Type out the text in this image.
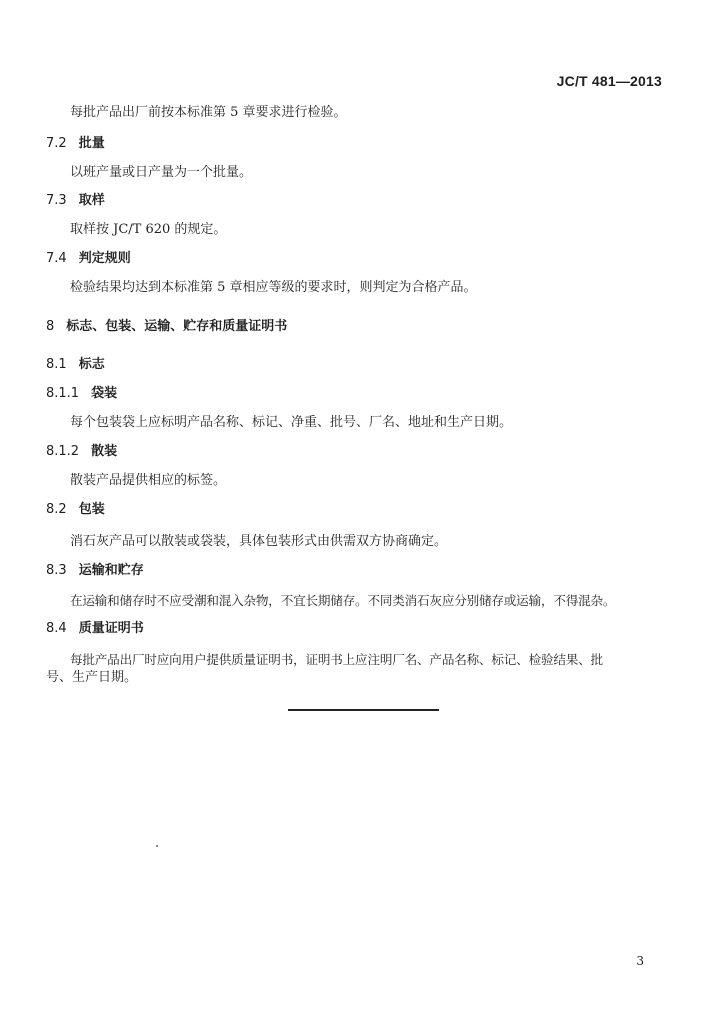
JC/T 481—2013
每批产品出厂前按本标准第 5 章要求进行检验。
7.2 批量
以班产量或日产量为一个批量。
7.3 取样
取样按 JC/T 620 的规定。
7.4 判定规则
检验结果均达到本标准第 5 章相应等级的要求时，则判定为合格产品。
8 标志、包装、运输、贮存和质量证明书
8.1 标志
8.1.1 袋装
每个包装袋上应标明产品名称、标记、净重、批号、厂名、地址和生产日期。
8.1.2 散装
散装产品提供相应的标签。
8.2 包装
消石灰产品可以散装或袋装，具体包装形式由供需双方协商确定。
8.3 运输和贮存
在运输和储存时不应受潮和混入杂物，不宜长期储存。不同类消石灰应分别储存或运输，不得混杂。
8.4 质量证明书
每批产品出厂时应向用户提供质量证明书，证明书上应注明厂名、产品名称、标记、检验结果、批
号、生产日期。
3
